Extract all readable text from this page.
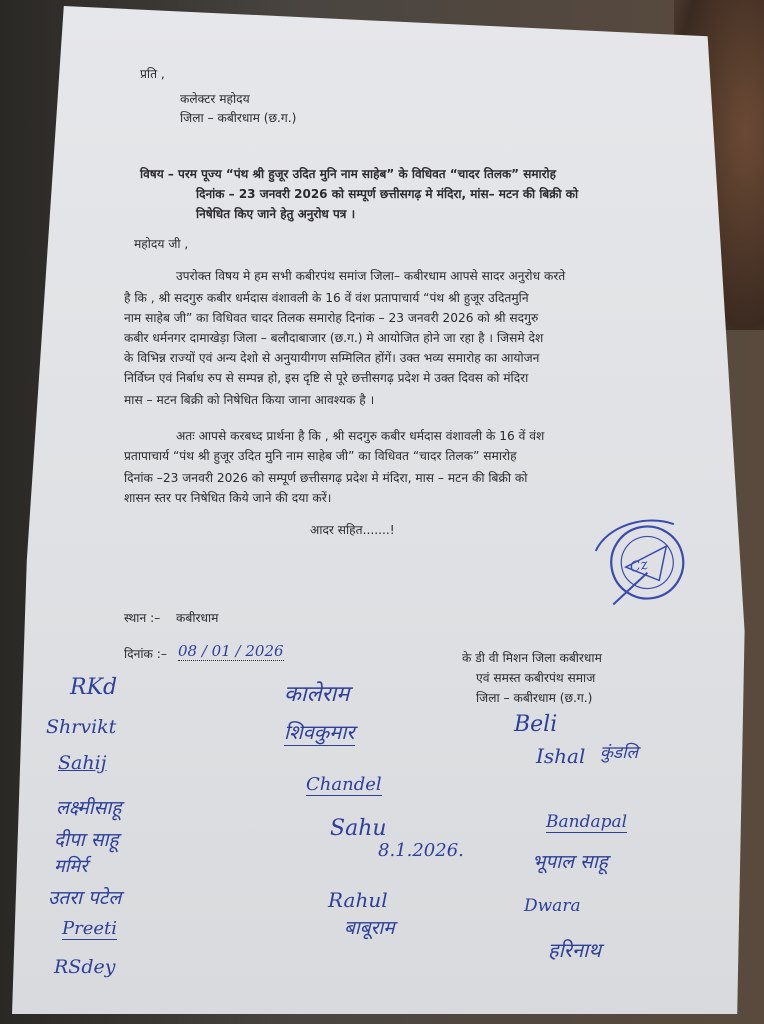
प्रति ,
कलेक्टर महोदय
जिला – कबीरधाम (छ.ग.)
विषय – परम पूज्य “पंथ श्री हुजूर उदित मुनि नाम साहेब” के विधिवत “चादर तिलक” समारोह
दिनांक – 23 जनवरी 2026 को सम्पूर्ण छत्तीसगढ़ मे मंदिरा, मांस– मटन की बिक्री को
निषेधित किए जाने हेतु अनुरोध पत्र ।
महोदय जी ,
उपरोक्त विषय मे हम सभी कबीरपंथ समांज जिला– कबीरधाम आपसे सादर अनुरोध करते
है कि , श्री सदगुरु कबीर धर्मदास वंशावली के 16 वें वंश प्रतापाचार्य “पंथ श्री हुजूर उदितमुनि
नाम साहेब जी” का विधिवत चादर तिलक समारोह दिनांक – 23 जनवरी 2026 को श्री सदगुरु
कबीर धर्मनगर दामाखेड़ा जिला – बलौदाबाजार (छ.ग.) मे आयोजित होने जा रहा है । जिसमे देश
के विभिन्न राज्यों एवं अन्य देशो से अनुयायीगण सम्मिलित होंगें। उक्त भव्य समारोह का आयोजन
निर्विघ्न एवं निर्बाध रुप से सम्पन्न हो, इस दृष्टि से पूरे छत्तीसगढ़ प्रदेश मे उक्त दिवस को मंदिरा
मास – मटन बिक्री को निषेधित किया जाना आवश्यक है ।
अतः आपसे करबध्द प्रार्थना है कि , श्री सदगुरु कबीर धर्मदास वंशावली के 16 वें वंश
प्रतापाचार्य “पंथ श्री हुजूर उदित मुनि नाम साहेब जी” का विधिवत “चादर तिलक” समारोह
दिनांक –23 जनवरी 2026 को सम्पूर्ण छत्तीसगढ़ प्रदेश मे मंदिरा, मास – मटन की बिक्री को
शासन स्तर पर निषेधित किये जाने की दया करें।
आदर सहित.......!
Cz
स्थान :– कबीरधाम
दिनांक :– 08 / 01 / 2026	के डी वी मिशन जिला कबीरधाम
एवं समस्त कबीरपंथ समाज
जिला – कबीरधाम (छ.ग.)
RKd
Shrvikt
Sahij
लक्ष्मीसाहू
दीपा साहू
ममिर्र
उतरा पटेल
Preeti
RSdey
कालेराम
शिवकुमार
Chandel
Sahu
8.1.2026.
Rahul
बाबूराम
Beli
Ishal कुंडलि
Bandapal
भूपाल साहू
Dwara
हरिनाथ
